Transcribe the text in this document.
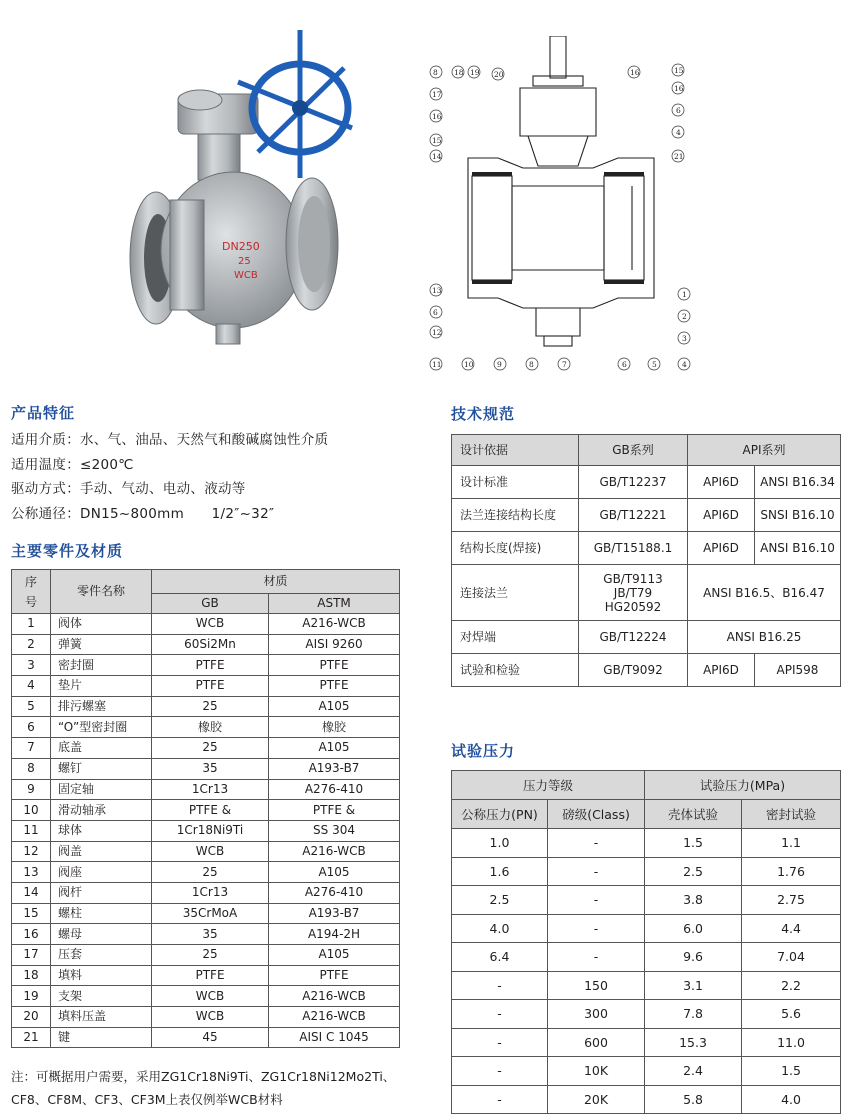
DN250
25
WCB
8 18 19 20
17
16
15
14
13
6
12
11	10	9	8
16	15
16
6
4
21
1
2
3
4
5
6
7
产品特征
适用介质：水、气、油品、天然气和酸碱腐蚀性介质
适用温度：≤200℃
驱动方式：手动、气动、电动、液动等
公称通径：DN15~800mm      1/2″~32″
主要零件及材质
序号	零件名称	材质	
		GB	ASTM
1	阀体	WCB	A216-WCB
2	弹簧	60Si2Mn	AISI 9260
3	密封圈	PTFE	PTFE
4	垫片	PTFE	PTFE
5	排污螺塞	25	A105
6	“O”型密封圈	橡胶	橡胶
7	底盖	25	A105
8	螺钉	35	A193-B7
9	固定轴	1Cr13	A276-410
10	滑动轴承	PTFE &	PTFE &
11	球体	1Cr18Ni9Ti	SS 304
12	阀盖	WCB	A216-WCB
13	阀座	25	A105
14	阀杆	1Cr13	A276-410
15	螺柱	35CrMoA	A193-B7
16	螺母	35	A194-2H
17	压套	25	A105
18	填料	PTFE	PTFE
19	支架	WCB	A216-WCB
20	填料压盖	WCB	A216-WCB
21	键	45	AISI C 1045
技术规范
设计依据	GB系列	API系列	
设计标准	GB/T12237	API6D	ANSI B16.34
法兰连接结构长度	GB/T12221	API6D	SNSI B16.10
结构长度(焊接)	GB/T15188.1	API6D	ANSI B16.10
连接法兰	GB/T9113
JB/T79
HG20592	ANSI B16.5、B16.47	
对焊端	GB/T12224	ANSI B16.25	
试验和检验	GB/T9092	API6D	API598
试验压力
压力等级		试验压力(MPa)	
公称压力(PN)	磅级(Class)	壳体试验	密封试验
1.0	-	1.5	1.1
1.6	-	2.5	1.76
2.5	-	3.8	2.75
4.0	-	6.0	4.4
6.4	-	9.6	7.04
-	150	3.1	2.2
-	300	7.8	5.6
-	600	15.3	11.0
-	10K	2.4	1.5
-	20K	5.8	4.0
注：可概据用户需要，采用ZG1Cr18Ni9Ti、ZG1Cr18Ni12Mo2Ti、
CF8、CF8M、CF3、CF3M上表仅例举WCB材料
